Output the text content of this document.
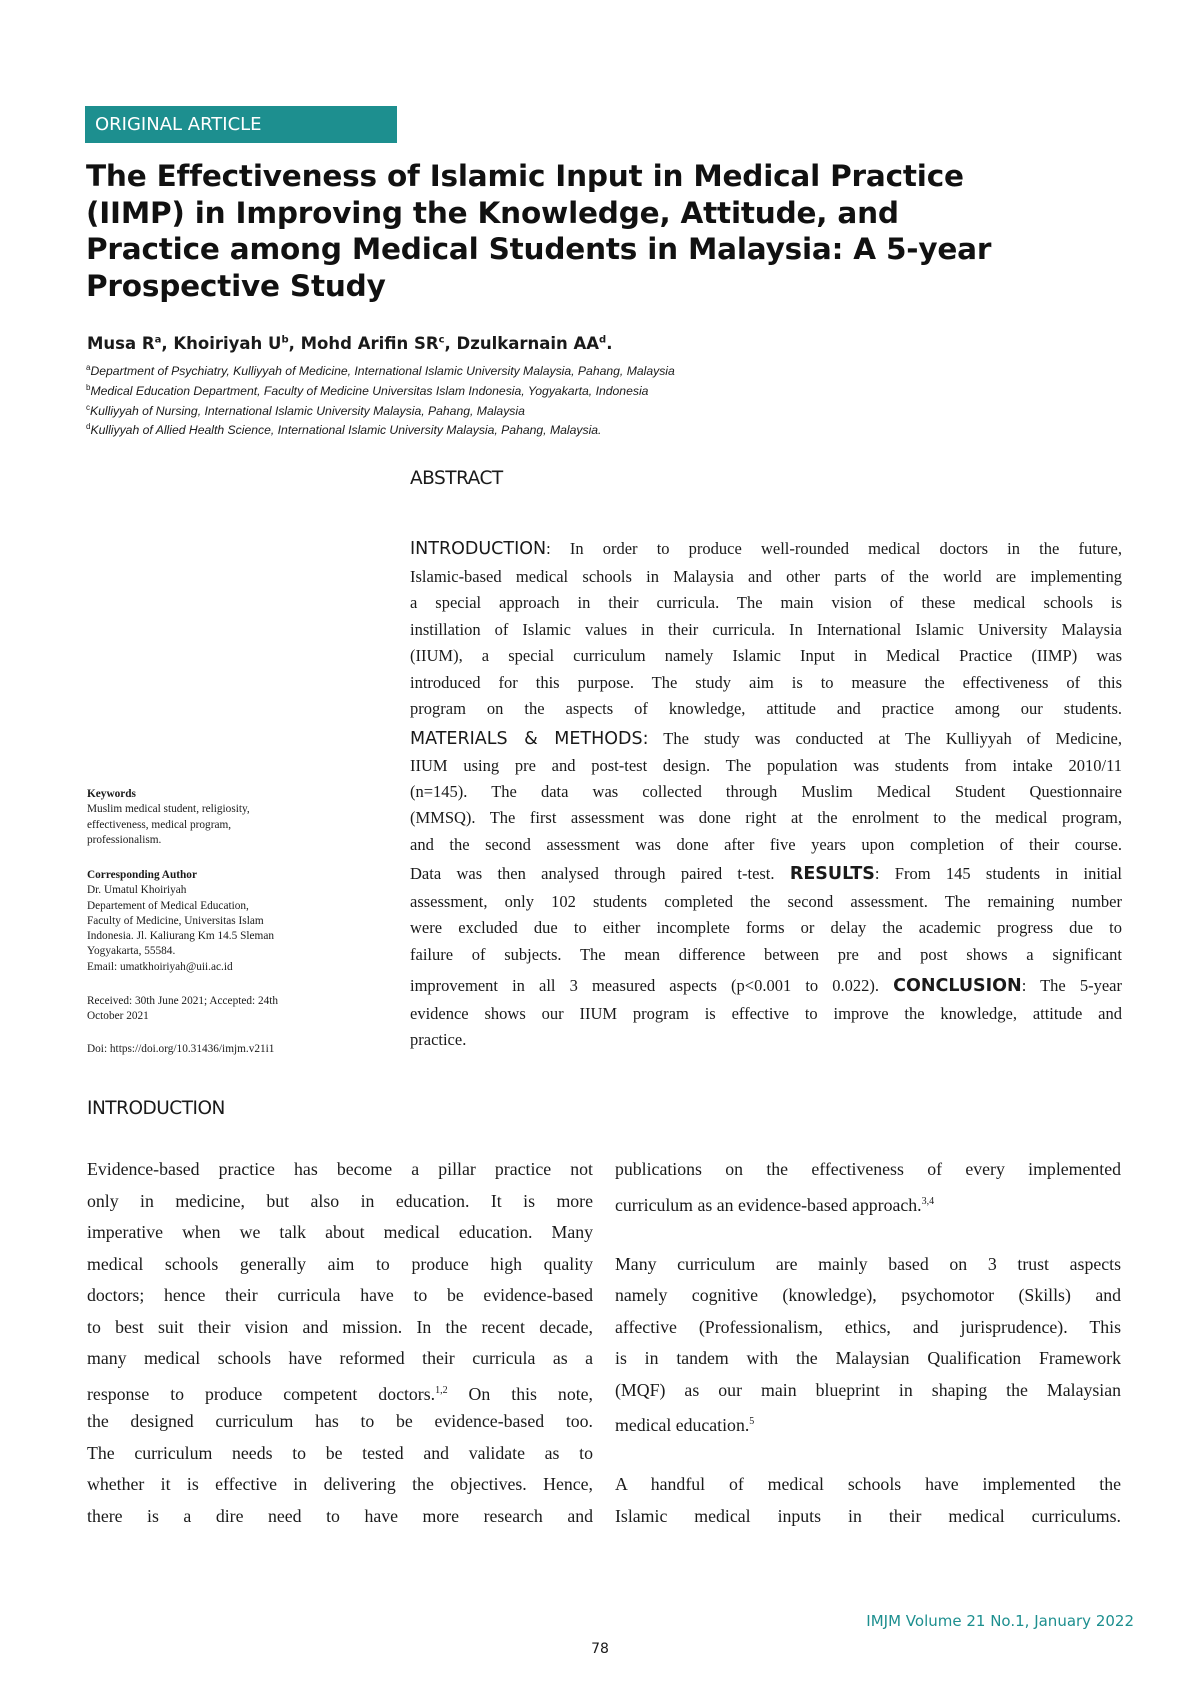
ORIGINAL ARTICLE
The Effectiveness of Islamic Input in Medical Practice
(IIMP) in Improving the Knowledge, Attitude, and
Practice among Medical Students in Malaysia: A 5-year
Prospective Study
Musa $R^a$, Khoiriyah $U^b$, Mohd Arifin $SR^c$, Dzulkarnain $AA^d$.
$^a$Department of Psychiatry, Kulliyyah of Medicine, International Islamic University Malaysia, Pahang, Malaysia
$^b$Medical Education Department, Faculty of Medicine Universitas Islam Indonesia, Yogyakarta, Indonesia
$^c$Kulliyyah of Nursing, International Islamic University Malaysia, Pahang, Malaysia
$^d$Kulliyyah of Allied Health Science, International Islamic University Malaysia, Pahang, Malaysia.
ABSTRACT
INTRODUCTION: In order to produce well-rounded medical doctors in the future,
Islamic-based medical schools in Malaysia and other parts of the world are implementing
a special approach in their curricula. The main vision of these medical schools is
instillation of Islamic values in their curricula. In International Islamic University Malaysia
(IIUM), a special curriculum namely Islamic Input in Medical Practice (IIMP) was
introduced for this purpose. The study aim is to measure the effectiveness of this
program on the aspects of knowledge, attitude and practice among our students.
MATERIALS & METHODS: The study was conducted at The Kulliyyah of Medicine,
IIUM using pre and post-test design. The population was students from intake 2010/11
(n=145). The data was collected through Muslim Medical Student Questionnaire
(MMSQ). The first assessment was done right at the enrolment to the medical program,
and the second assessment was done after five years upon completion of their course.
Data was then analysed through paired t-test. RESULTS: From 145 students in initial
assessment, only 102 students completed the second assessment. The remaining number
were excluded due to either incomplete forms or delay the academic progress due to
failure of subjects. The mean difference between pre and post shows a significant
improvement in all 3 measured aspects (p<0.001 to 0.022). CONCLUSION: The 5-year
evidence shows our IIUM program is effective to improve the knowledge, attitude and
practice.
Keywords
Muslim medical student, religiosity,
effectiveness, medical program,
professionalism.
Corresponding Author
Dr. Umatul Khoiriyah
Departement of Medical Education,
Faculty of Medicine, Universitas Islam
Indonesia. Jl. Kaliurang Km 14.5 Sleman
Yogyakarta, 55584.
Email: umatkhoiriyah@uii.ac.id
Received: 30th June 2021; Accepted: 24th
October 2021
Doi: https://doi.org/10.31436/imjm.v21i1
INTRODUCTION
Evidence-based practice has become a pillar practice not
only in medicine, but also in education. It is more
imperative when we talk about medical education. Many
medical schools generally aim to produce high quality
doctors; hence their curricula have to be evidence-based
to best suit their vision and mission. In the recent decade,
many medical schools have reformed their curricula as a
response to produce competent doctors.$^{1,2}$ On this note,
the designed curriculum has to be evidence-based too.
The curriculum needs to be tested and validate as to
whether it is effective in delivering the objectives. Hence,
there is a dire need to have more research and
publications on the effectiveness of every implemented
curriculum as an evidence-based approach.$^{3,4}$
Many curriculum are mainly based on 3 trust aspects
namely cognitive (knowledge), psychomotor (Skills) and
affective (Professionalism, ethics, and jurisprudence). This
is in tandem with the Malaysian Qualification Framework
(MQF) as our main blueprint in shaping the Malaysian
medical education.$^5$
A handful of medical schools have implemented the
Islamic medical inputs in their medical curriculums.
IMJM Volume 21 No.1, January 2022
78
